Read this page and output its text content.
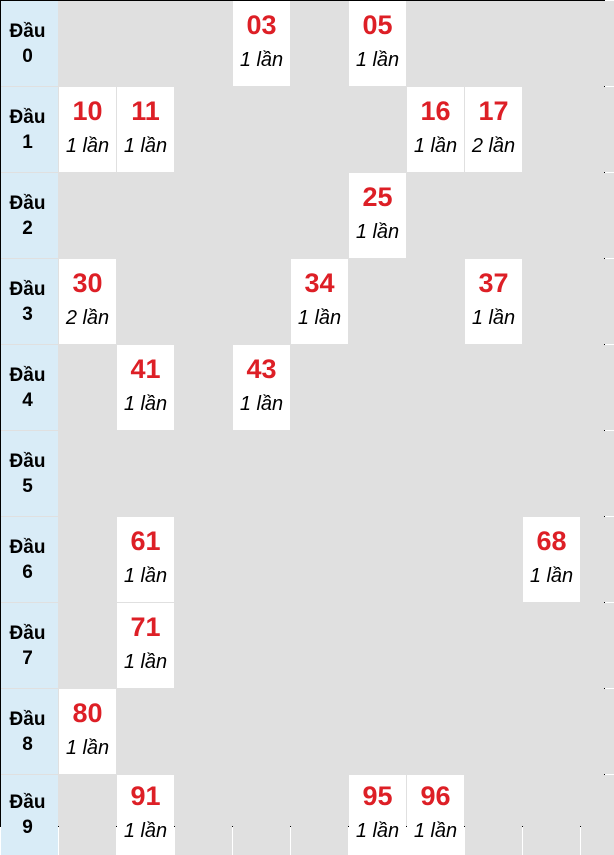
Đầu
0
03
1 lần
05
1 lần
Đầu
1
10
1 lần
11
1 lần
16
1 lần
17
2 lần
Đầu
2
25
1 lần
Đầu
3
30
2 lần
34
1 lần
37
1 lần
Đầu
4
41
1 lần
43
1 lần
Đầu
5
Đầu
6
61
1 lần
68
1 lần
Đầu
7
71
1 lần
Đầu
8
80
1 lần
Đầu
9
91
1 lần
95
1 lần
96
1 lần
